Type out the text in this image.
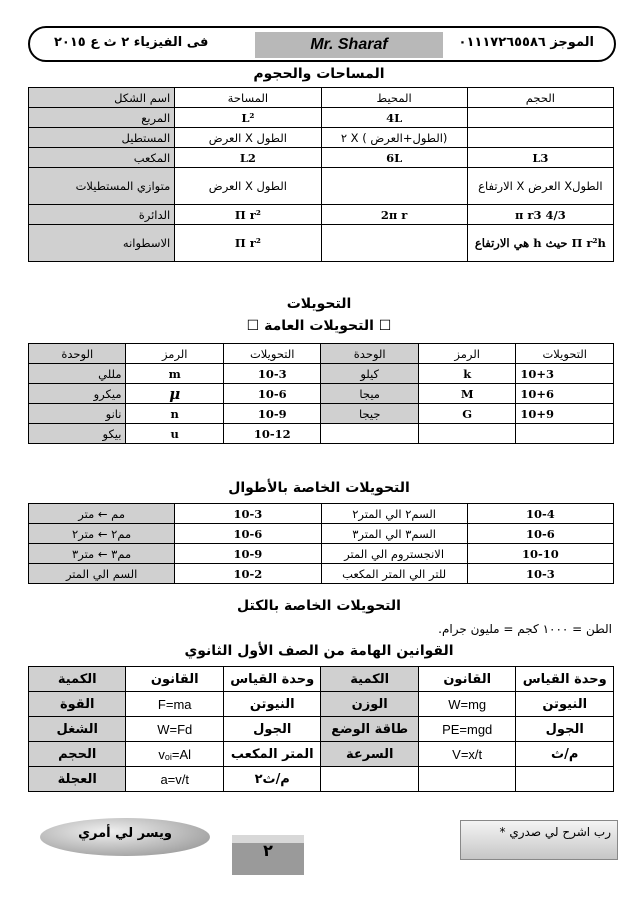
الموجز ٠١١١٧٢٦٥٥٨٦
Mr. Sharaf
فى الفيزياء ٢ ث ع ٢٠١٥
المساحات والحجوم
اسم الشكل	المساحة	المحيط	الحجم
المربع	L²	4L	
المستطيل	الطول X العرض	(الطول+العرض ) X ٢	
المكعب	L2	6L	L3
متوازي المستطيلات	الطول X العرض		الطولX العرض X الارتفاع
الدائرة	Π r²	2π r	4/3 π r3
الاسطوانه	Π r²		Π r²h حيث h هي الارتفاع
التحويلات
☐ التحويلات العامة ☐
الوحدة	الرمز	التحويلات	الوحدة	الرمز	التحويلات
مللي	m	10-3	كيلو	k	10+3
ميكرو	μ	10-6	ميجا	M	10+6
نانو	n	10-9	جيجا	G	10+9
بيكو	u	10-12			
التحويلات الخاصة بالأطوال
مم ← متر	10-3	السم٢ الي المتر٢	10-4
مم٢ ← متر٢	10-6	السم٣ الي المتر٣	10-6
مم٣ ← متر٣	10-9	الانجستروم الي المتر	10-10
السم الي المتر	10-2	للتر الي المتر المكعب	10-3
التحويلات الخاصة بالكتل
الطن = ١٠٠٠ كجم = مليون جرام.
القوانين الهامة من الصف الأول الثانوي
الكمية	القانون	وحدة القياس	الكمية	القانون	وحدة القياس
القوة	F=ma	النيوتن	الوزن	W=mg	النيوتن
الشغل	W=Fd	الجول	طاقة الوضع	PE=mgd	الجول
الحجم	vₒᵢ=Al	المتر المكعب	السرعة	V=x/t	م/ث
العجلة	a=v/t	م/ث٢			
رب اشرح لي صدري *
٢
ويسر لي أمري
